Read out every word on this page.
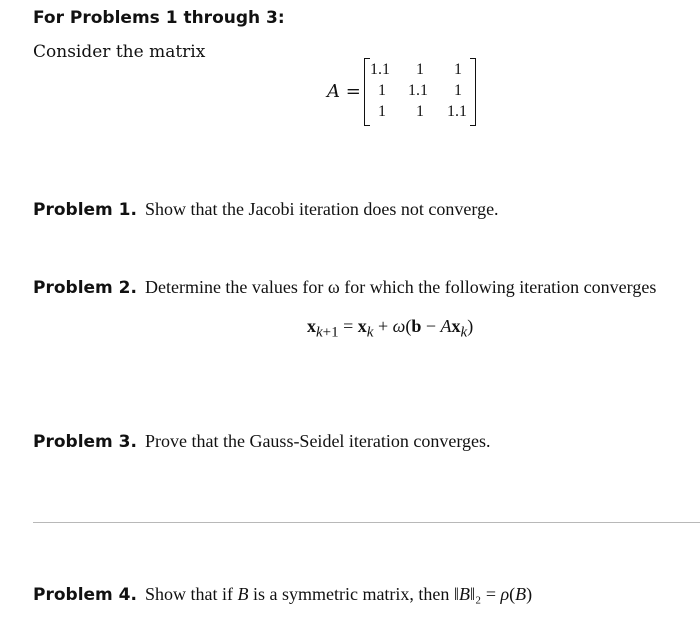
For Problems 1 through 3:
Consider the matrix
A =
1.1 1 1
1 1.1 1
1 1 1.1
Problem 1. Show that the Jacobi iteration does not converge.
Problem 2. Determine the values for ω for which the following iteration converges
$x_{k+1} = x_k + \omega(b - Ax_k)$
Problem 3. Prove that the Gauss-Seidel iteration converges.
Problem 4. Show that if B is a symmetric matrix, then ‖B‖₂ = ρ(B)
